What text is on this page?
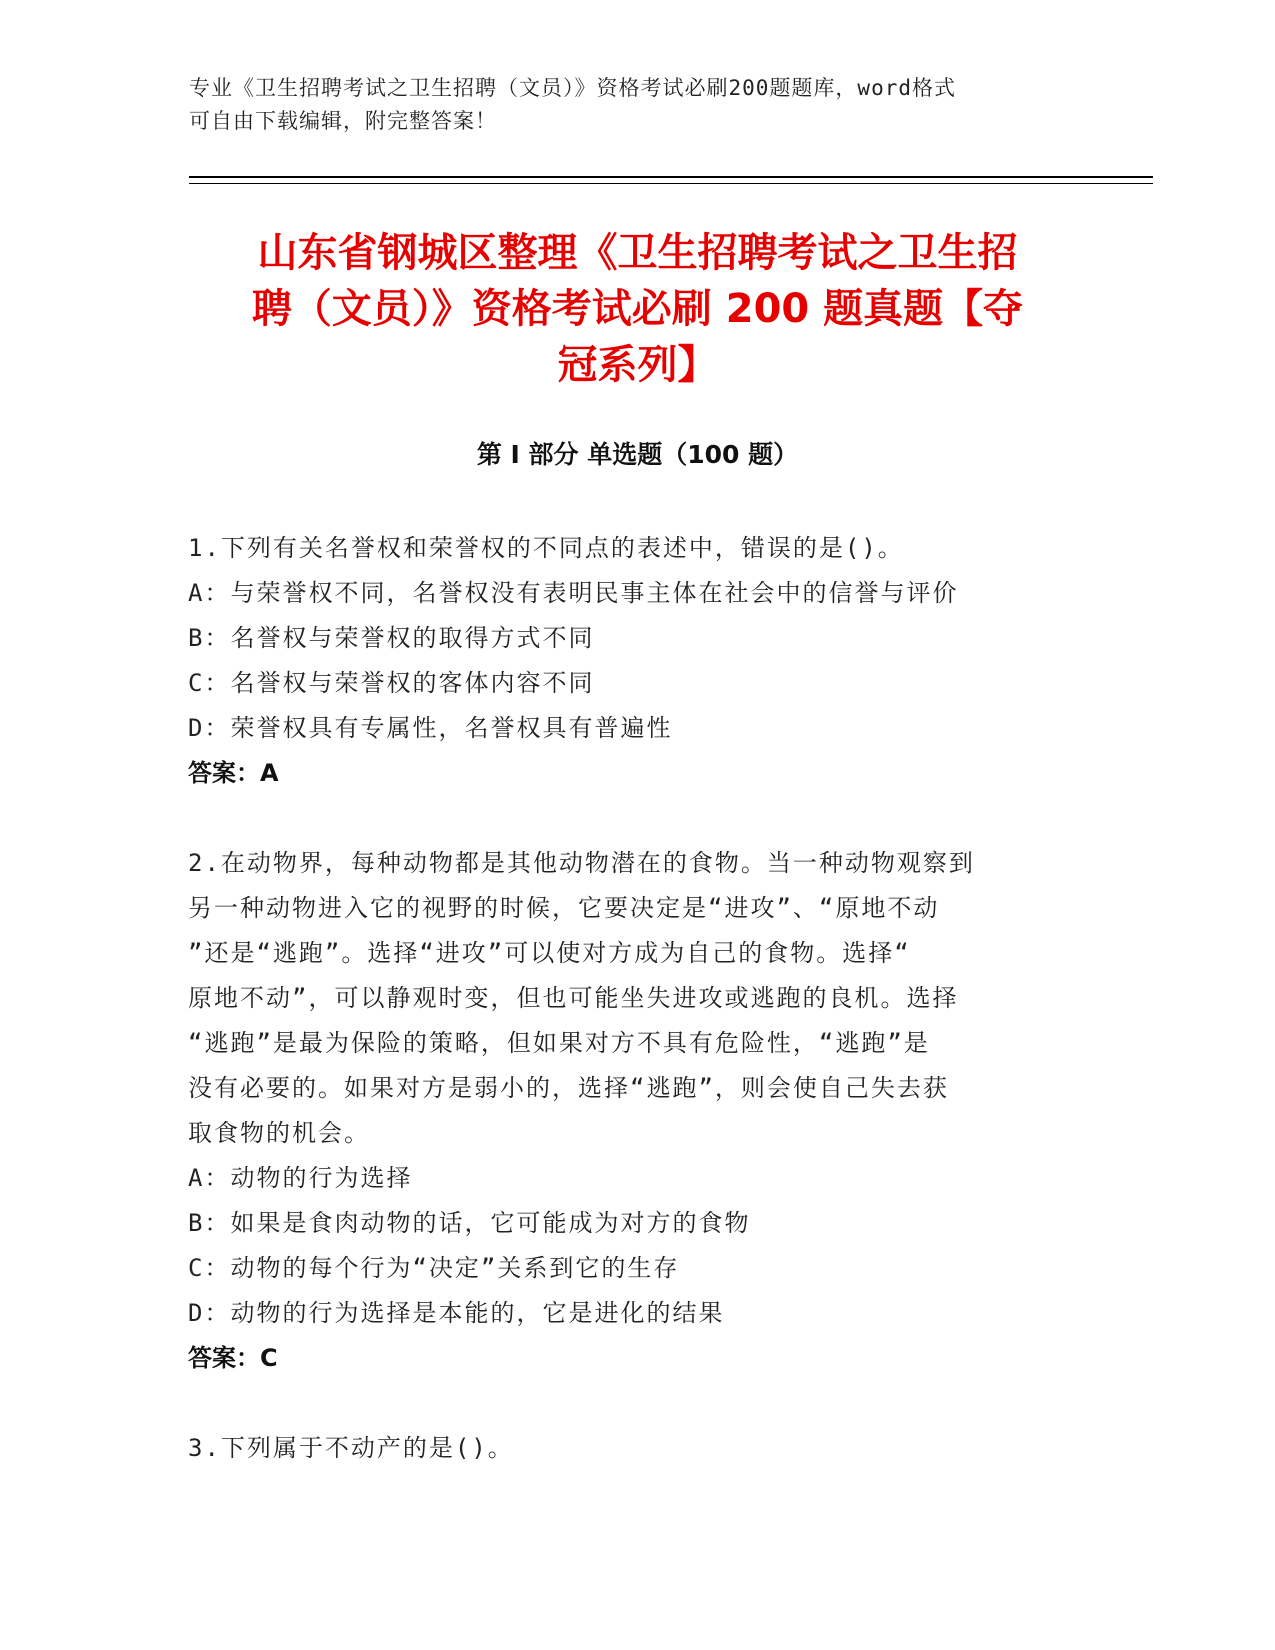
专业《卫生招聘考试之卫生招聘（文员）》资格考试必刷200题题库，word格式
可自由下载编辑，附完整答案！
山东省钢城区整理《卫生招聘考试之卫生招
聘（文员）》资格考试必刷 200 题真题【夺
冠系列】
第 I 部分 单选题（100 题）
1.下列有关名誉权和荣誉权的不同点的表述中，错误的是()。
A：与荣誉权不同，名誉权没有表明民事主体在社会中的信誉与评价
B：名誉权与荣誉权的取得方式不同
C：名誉权与荣誉权的客体内容不同
D：荣誉权具有专属性，名誉权具有普遍性
答案：A
2.在动物界，每种动物都是其他动物潜在的食物。当一种动物观察到
另一种动物进入它的视野的时候，它要决定是“进攻”、“原地不动
”还是“逃跑”。选择“进攻”可以使对方成为自己的食物。选择“
原地不动”，可以静观时变，但也可能坐失进攻或逃跑的良机。选择
“逃跑”是最为保险的策略，但如果对方不具有危险性，“逃跑”是
没有必要的。如果对方是弱小的，选择“逃跑”，则会使自己失去获
取食物的机会。
A：动物的行为选择
B：如果是食肉动物的话，它可能成为对方的食物
C：动物的每个行为“决定”关系到它的生存
D：动物的行为选择是本能的，它是进化的结果
答案：C
3.下列属于不动产的是()。
